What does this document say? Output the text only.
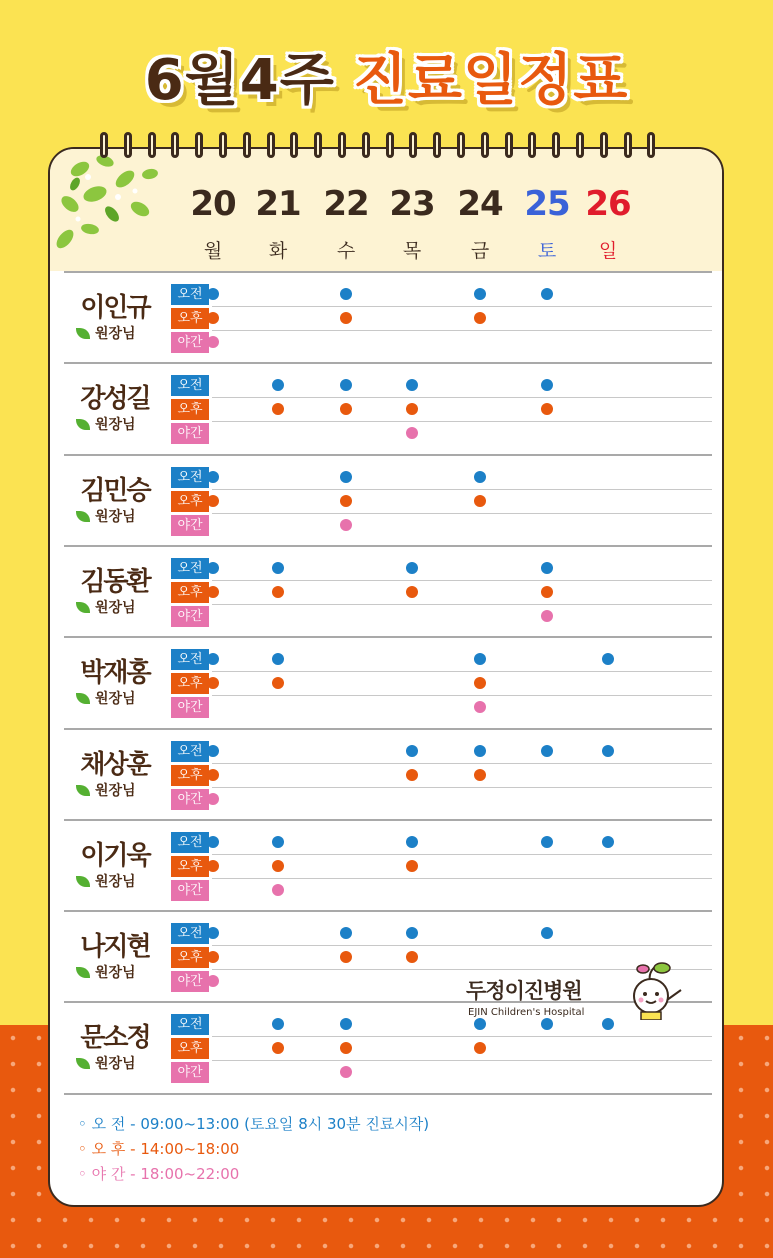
6월4주 진료일정표
20
월
21
화
22
수
23
목
24
금
25
토
26
일
이인규
원장님
오전
오후
야간
강성길
원장님
오전
오후
야간
김민승
원장님
오전
오후
야간
김동환
원장님
오전
오후
야간
박재홍
원장님
오전
오후
야간
채상훈
원장님
오전
오후
야간
이기욱
원장님
오전
오후
야간
나지현
원장님
오전
오후
야간
문소정
원장님
오전
오후
야간
◦ 오 전 - 09:00~13:00 (토요일 8시 30분 진료시작)
◦ 오 후 - 14:00~18:00
◦ 야 간 - 18:00~22:00
두정이진병원
EJIN Children's Hospital
